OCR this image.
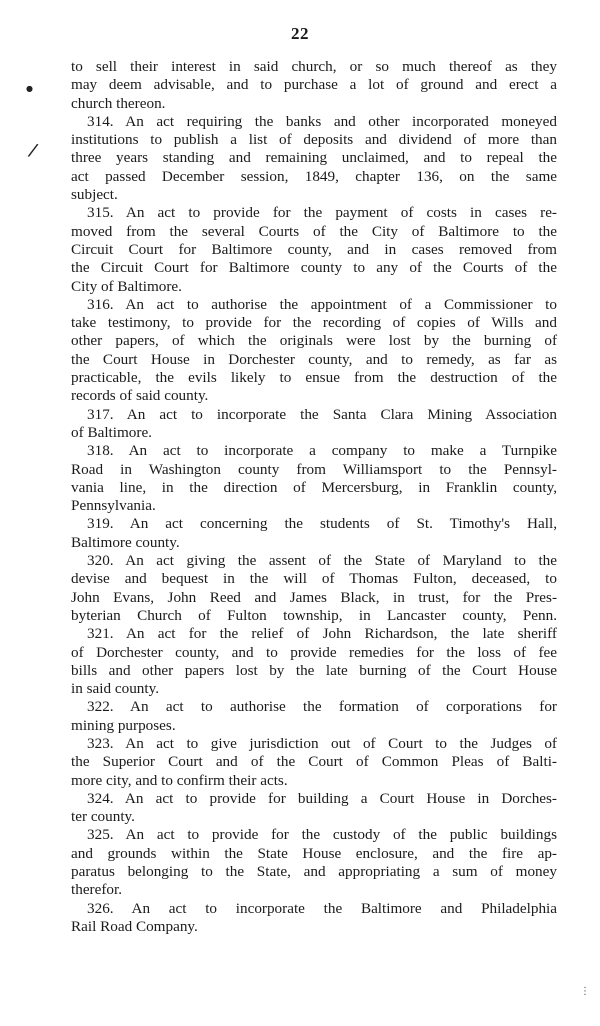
22
to sell their interest in said church, or so much thereof as they
may deem advisable, and to purchase a lot of ground and erect a
church thereon.
314. An act requiring the banks and other incorporated moneyed
institutions to publish a list of deposits and dividend of more than
three years standing and remaining unclaimed, and to repeal the
act passed December session, 1849, chapter 136, on the same
subject.
315. An act to provide for the payment of costs in cases re-
moved from the several Courts of the City of Baltimore to the
Circuit Court for Baltimore county, and in cases removed from
the Circuit Court for Baltimore county to any of the Courts of the
City of Baltimore.
316. An act to authorise the appointment of a Commissioner to
take testimony, to provide for the recording of copies of Wills and
other papers, of which the originals were lost by the burning of
the Court House in Dorchester county, and to remedy, as far as
practicable, the evils likely to ensue from the destruction of the
records of said county.
317. An act to incorporate the Santa Clara Mining Association
of Baltimore.
318. An act to incorporate a company to make a Turnpike
Road in Washington county from Williamsport to the Pennsyl-
vania line, in the direction of Mercersburg, in Franklin county,
Pennsylvania.
319. An act concerning the students of St. Timothy's Hall,
Baltimore county.
320. An act giving the assent of the State of Maryland to the
devise and bequest in the will of Thomas Fulton, deceased, to
John Evans, John Reed and James Black, in trust, for the Pres-
byterian Church of Fulton township, in Lancaster county, Penn.
321. An act for the relief of John Richardson, the late sheriff
of Dorchester county, and to provide remedies for the loss of fee
bills and other papers lost by the late burning of the Court House
in said county.
322. An act to authorise the formation of corporations for
mining purposes.
323. An act to give jurisdiction out of Court to the Judges of
the Superior Court and of the Court of Common Pleas of Balti-
more city, and to confirm their acts.
324. An act to provide for building a Court House in Dorches-
ter county.
325. An act to provide for the custody of the public buildings
and grounds within the State House enclosure, and the fire ap-
paratus belonging to the State, and appropriating a sum of money
therefor.
326. An act to incorporate the Baltimore and Philadelphia
Rail Road Company.
●
/
⋮
